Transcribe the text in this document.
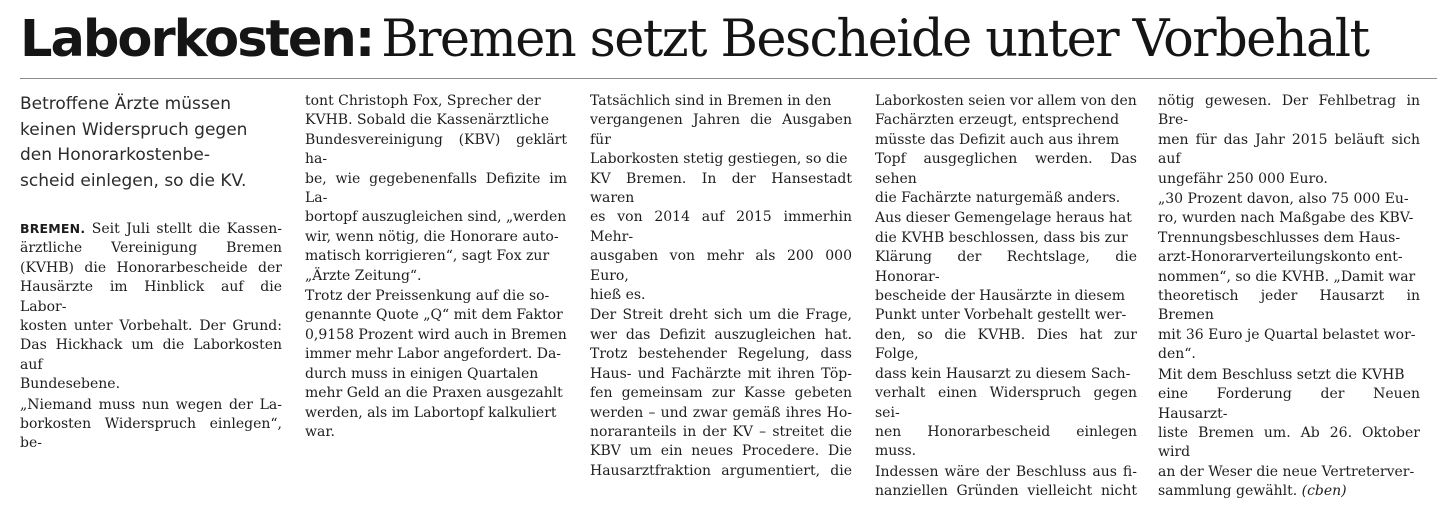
Laborkosten: Bremen setzt Bescheide unter Vorbehalt

Betroffene Ärzte müssen
keinen Widerspruch gegen
den Honorarkostenbe-
scheid einlegen, so die KV.

BREMEN. Seit Juli stellt die Kassen-
ärztliche Vereinigung Bremen
(KVHB) die Honorarbescheide der
Hausärzte im Hinblick auf die Labor-
kosten unter Vorbehalt. Der Grund:
Das Hickhack um die Laborkosten auf
Bundesebene.

„Niemand muss nun wegen der La-
borkosten Widerspruch einlegen“, be-

tont Christoph Fox, Sprecher der
KVHB. Sobald die Kassenärztliche
Bundesvereinigung (KBV) geklärt ha-
be, wie gegebenenfalls Defizite im La-
bortopf auszugleichen sind, „werden
wir, wenn nötig, die Honorare auto-
matisch korrigieren“, sagt Fox zur
„Ärzte Zeitung“.

Trotz der Preissenkung auf die so-
genannte Quote „Q“ mit dem Faktor
0,9158 Prozent wird auch in Bremen
immer mehr Labor angefordert. Da-
durch muss in einigen Quartalen
mehr Geld an die Praxen ausgezahlt
werden, als im Labortopf kalkuliert
war.

Tatsächlich sind in Bremen in den
vergangenen Jahren die Ausgaben für
Laborkosten stetig gestiegen, so die
KV Bremen. In der Hansestadt waren
es von 2014 auf 2015 immerhin Mehr-
ausgaben von mehr als 200 000 Euro,
hieß es.

Der Streit dreht sich um die Frage,
wer das Defizit auszugleichen hat.
Trotz bestehender Regelung, dass
Haus- und Fachärzte mit ihren Töp-
fen gemeinsam zur Kasse gebeten
werden – und zwar gemäß ihres Ho-
noraranteils in der KV – streitet die
KBV um ein neues Procedere. Die
Hausarztfraktion argumentiert, die

Laborkosten seien vor allem von den
Fachärzten erzeugt, entsprechend
müsste das Defizit auch aus ihrem
Topf ausgeglichen werden. Das sehen
die Fachärzte naturgemäß anders.

Aus dieser Gemengelage heraus hat
die KVHB beschlossen, dass bis zur
Klärung der Rechtslage, die Honorar-
bescheide der Hausärzte in diesem
Punkt unter Vorbehalt gestellt wer-
den, so die KVHB. Dies hat zur Folge,
dass kein Hausarzt zu diesem Sach-
verhalt einen Widerspruch gegen sei-
nen Honorarbescheid einlegen muss.

Indessen wäre der Beschluss aus fi-
nanziellen Gründen vielleicht nicht

nötig gewesen. Der Fehlbetrag in Bre-
men für das Jahr 2015 beläuft sich auf
ungefähr 250 000 Euro.

„30 Prozent davon, also 75 000 Eu-
ro, wurden nach Maßgabe des KBV-
Trennungsbeschlusses dem Haus-
arzt-Honorarverteilungskonto ent-
nommen“, so die KVHB. „Damit war
theoretisch jeder Hausarzt in Bremen
mit 36 Euro je Quartal belastet wor-
den“.

Mit dem Beschluss setzt die KVHB
eine Forderung der Neuen Hausarzt-
liste Bremen um. Ab 26. Oktober wird
an der Weser die neue Vertreterver-
sammlung gewählt. (cben)
